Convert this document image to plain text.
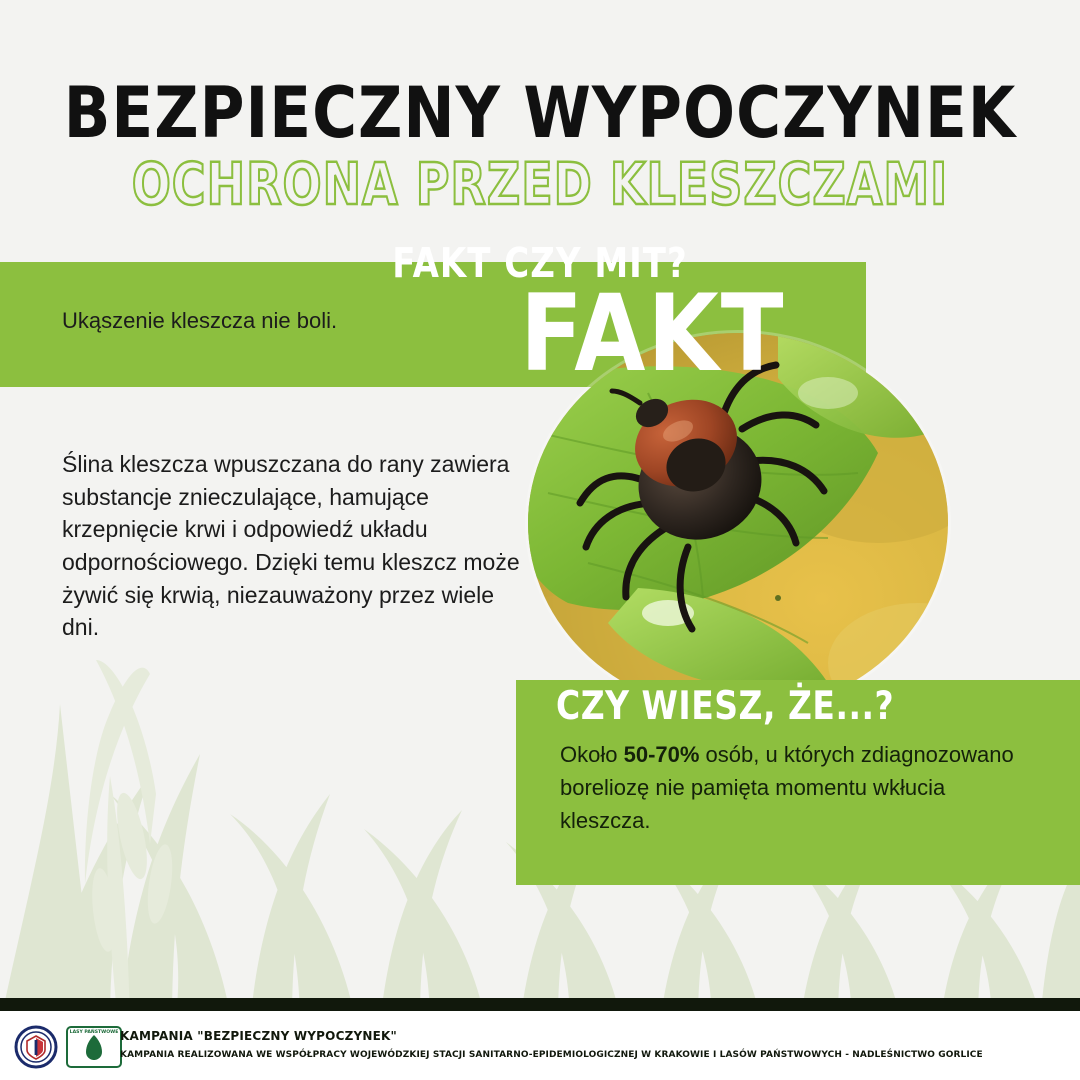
BEZPIECZNY WYPOCZYNEK
OCHRONA PRZED KLESZCZAMI
FAKT CZY MIT?
FAKT
Ukąszenie kleszcza nie boli.
Ślina kleszcza wpuszczana do rany zawiera substancje znieczulające, hamujące krzepnięcie krwi i odpowiedź układu odpornościowego. Dzięki temu kleszcz może żywić się krwią, niezauważony przez wiele dni.
CZY WIESZ, ŻE...?
Około 50-70% osób, u których zdiagnozowano boreliozę nie pamięta momentu wkłucia kleszcza.
LASY PAŃSTWOWE KAMPANIA "BEZPIECZNY WYPOCZYNEK"
KAMPANIA REALIZOWANA WE WSPÓŁPRACY WOJEWÓDZKIEJ STACJI SANITARNO-EPIDEMIOLOGICZNEJ W KRAKOWIE I LASÓW PAŃSTWOWYCH - NADLEŚNICTWO GORLICE
